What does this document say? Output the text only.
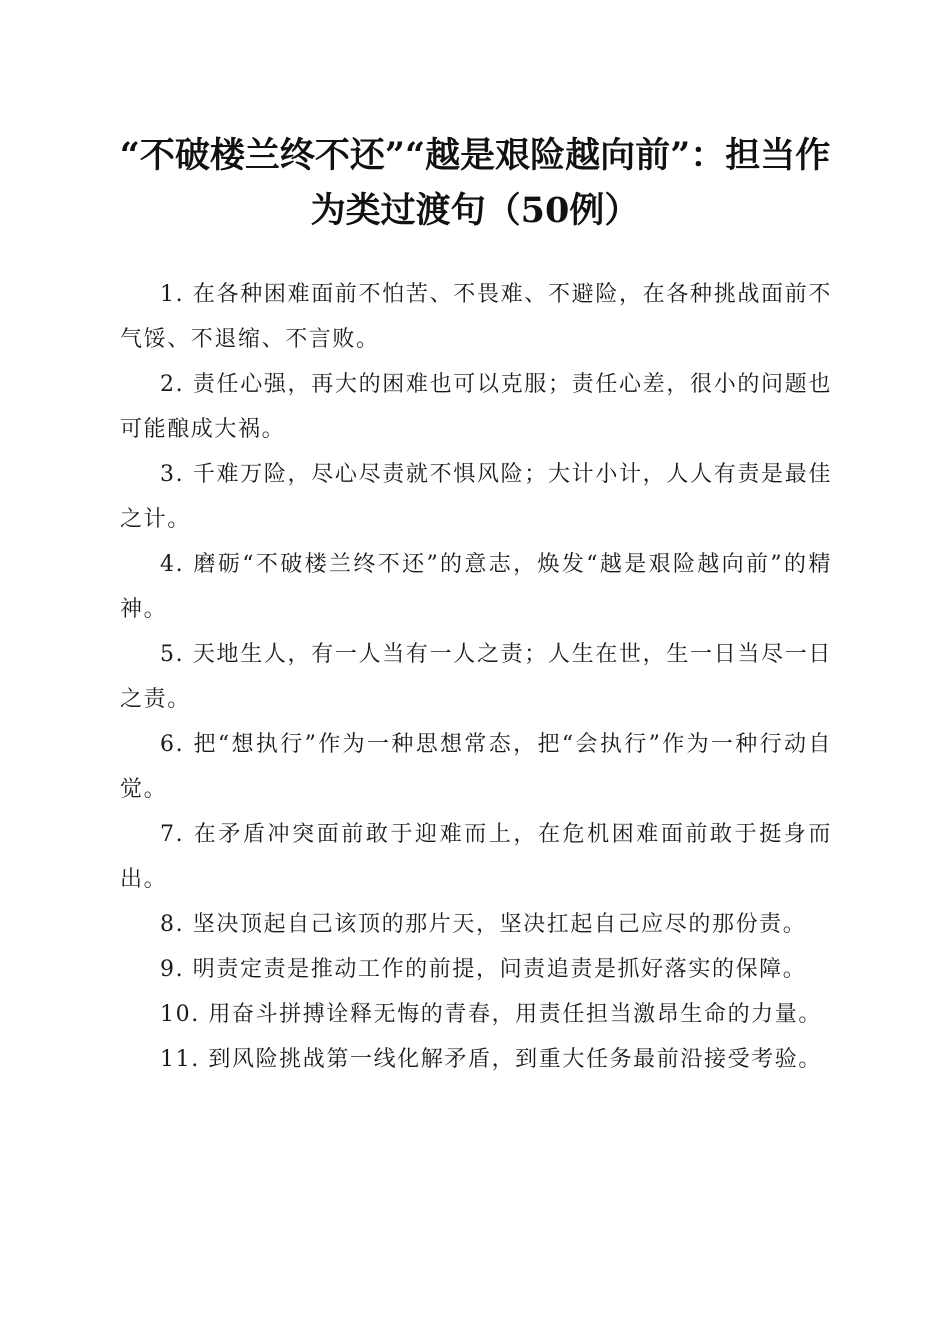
“不破楼兰终不还”“越是艰险越向前”：担当作为类过渡句（50例）
1. 在各种困难面前不怕苦、不畏难、不避险，在各种挑战面前不气馁、不退缩、不言败。
2. 责任心强，再大的困难也可以克服；责任心差，很小的问题也可能酿成大祸。
3. 千难万险，尽心尽责就不惧风险；大计小计，人人有责是最佳之计。
4. 磨砺“不破楼兰终不还”的意志，焕发“越是艰险越向前”的精神。
5. 天地生人，有一人当有一人之责；人生在世，生一日当尽一日之责。
6. 把“想执行”作为一种思想常态，把“会执行”作为一种行动自觉。
7. 在矛盾冲突面前敢于迎难而上，在危机困难面前敢于挺身而出。
8. 坚决顶起自己该顶的那片天，坚决扛起自己应尽的那份责。
9. 明责定责是推动工作的前提，问责追责是抓好落实的保障。
10. 用奋斗拼搏诠释无悔的青春，用责任担当激昂生命的力量。
11. 到风险挑战第一线化解矛盾，到重大任务最前沿接受考验。
